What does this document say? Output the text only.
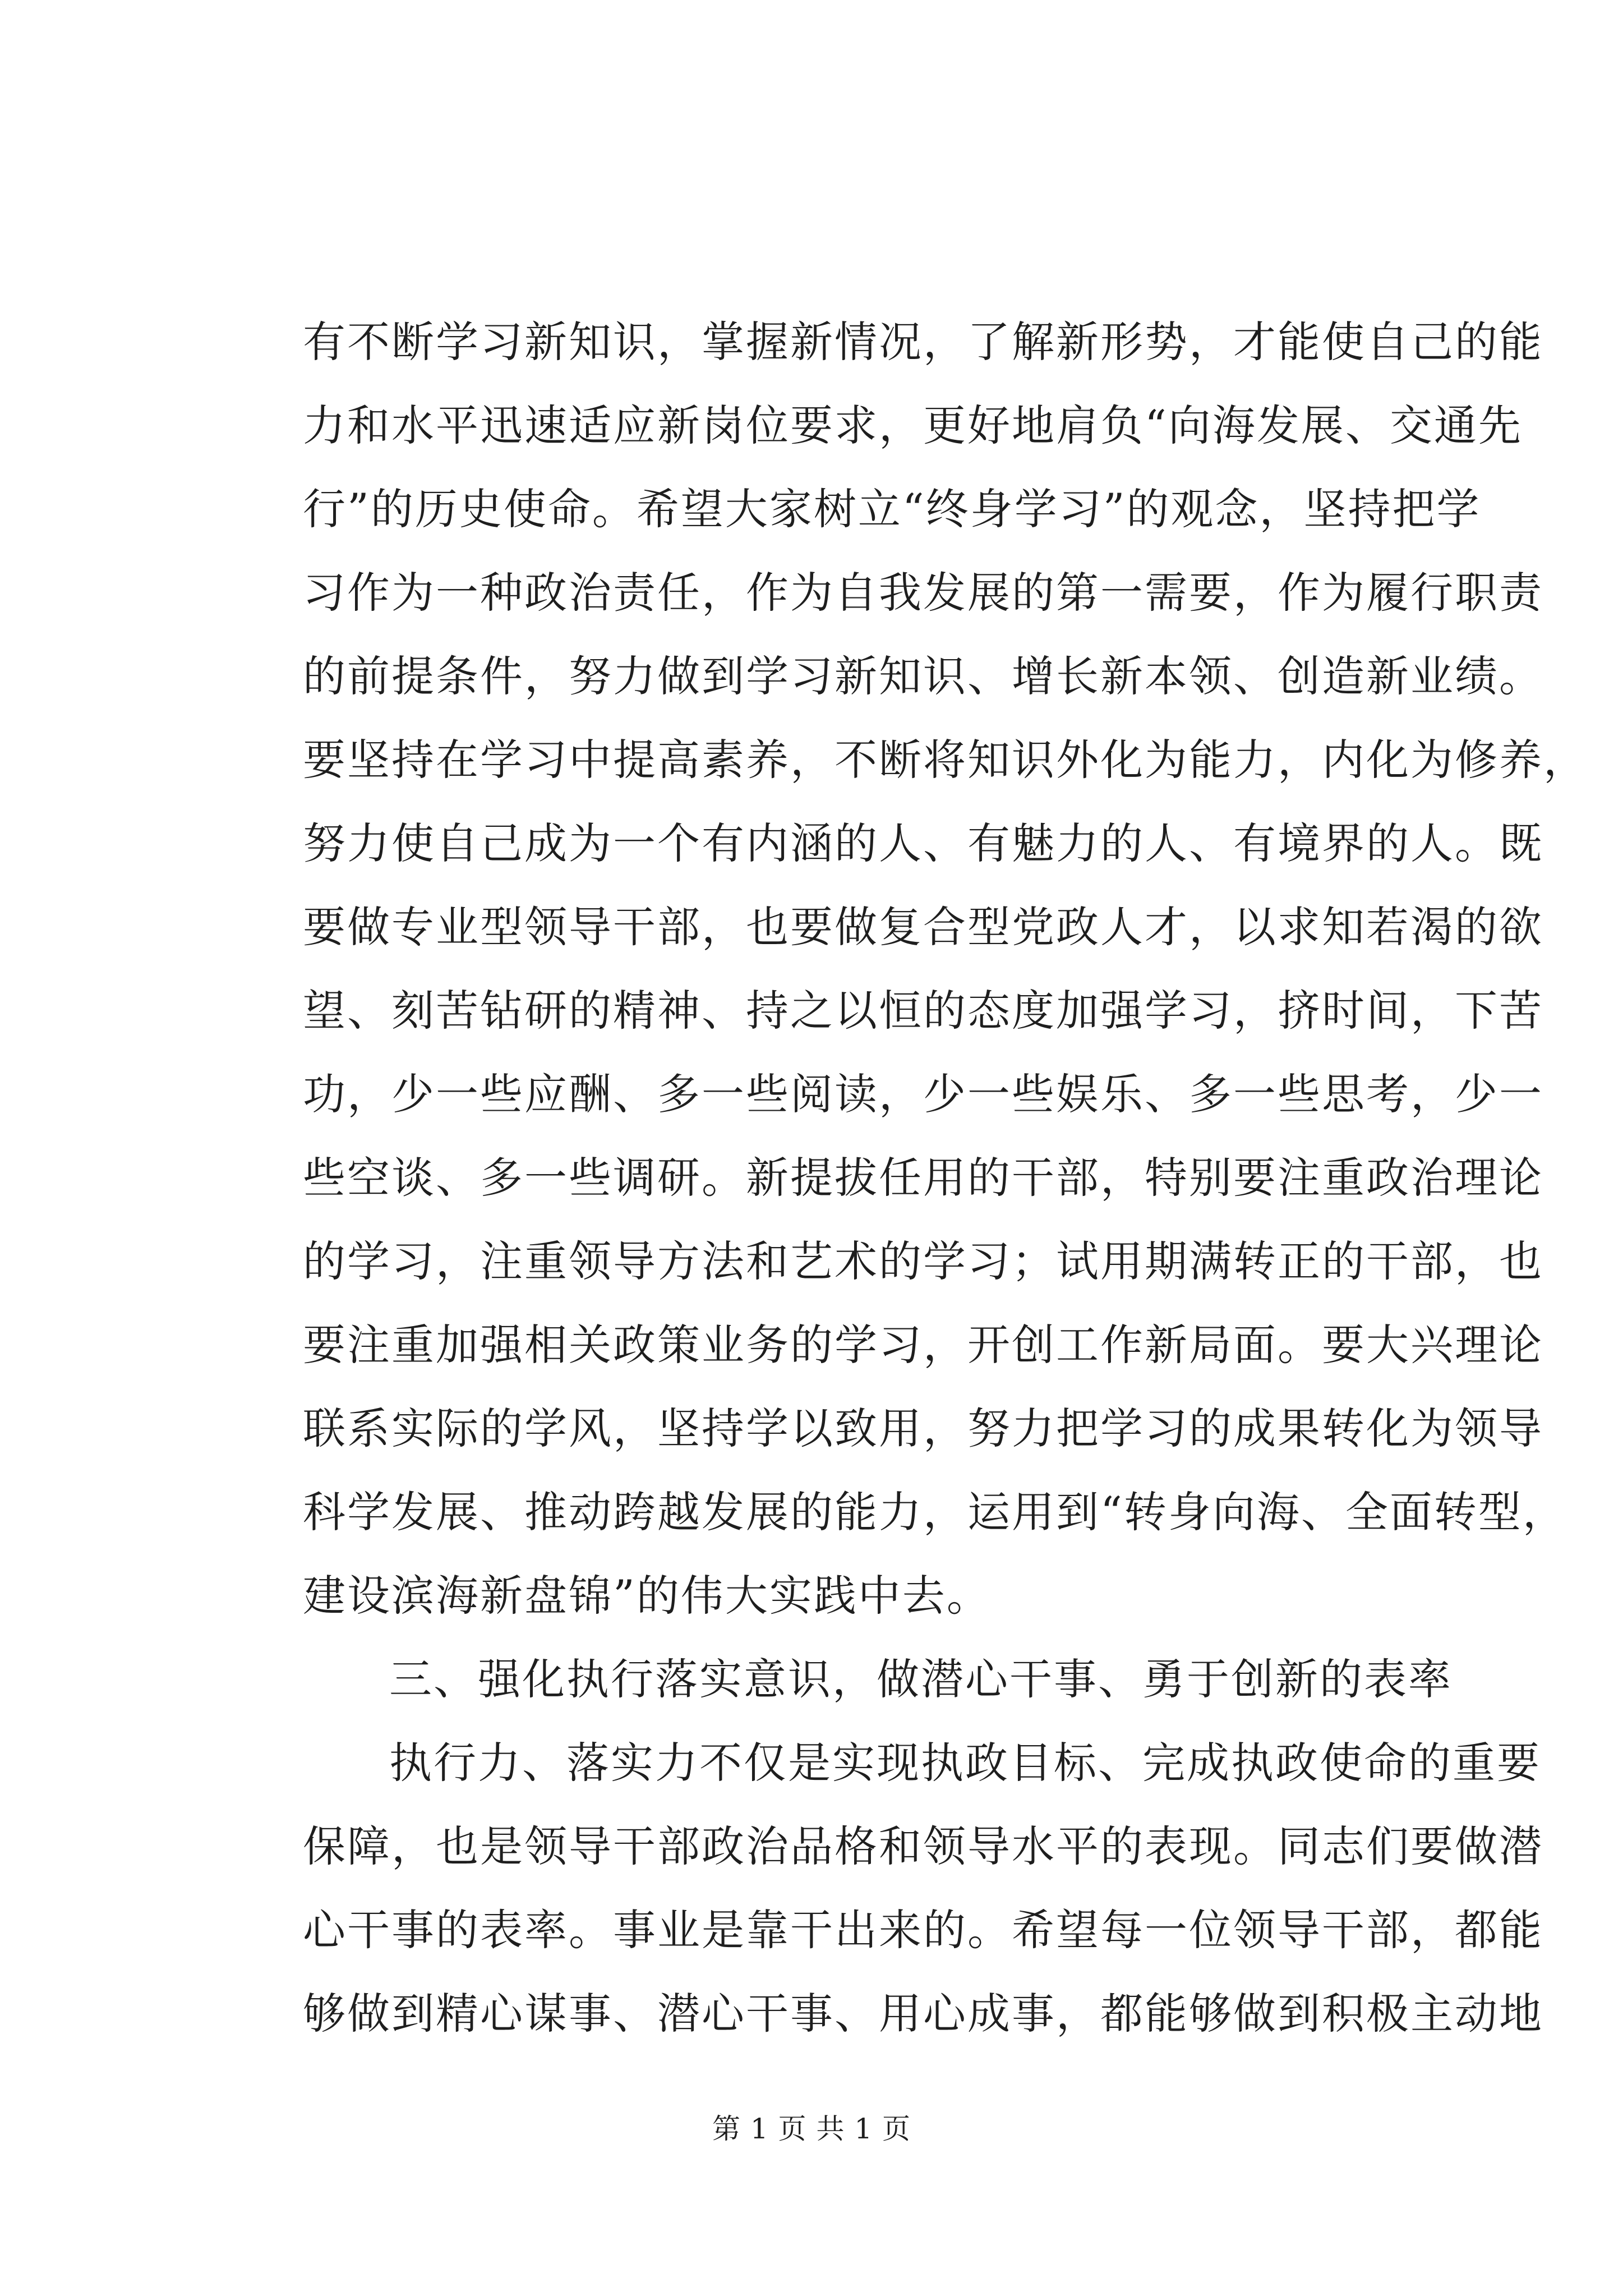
有不断学习新知识，掌握新情况，了解新形势，才能使自己的能
力和水平迅速适应新岗位要求，更好地肩负“向海发展、交通先
行”的历史使命。希望大家树立“终身学习”的观念，坚持把学
习作为一种政治责任，作为自我发展的第一需要，作为履行职责
的前提条件，努力做到学习新知识、增长新本领、创造新业绩。
要坚持在学习中提高素养，不断将知识外化为能力，内化为修养，
努力使自己成为一个有内涵的人、有魅力的人、有境界的人。既
要做专业型领导干部，也要做复合型党政人才，以求知若渴的欲
望、刻苦钻研的精神、持之以恒的态度加强学习，挤时间，下苦
功，少一些应酬、多一些阅读，少一些娱乐、多一些思考，少一
些空谈、多一些调研。新提拔任用的干部，特别要注重政治理论
的学习，注重领导方法和艺术的学习；试用期满转正的干部，也
要注重加强相关政策业务的学习，开创工作新局面。要大兴理论
联系实际的学风，坚持学以致用，努力把学习的成果转化为领导
科学发展、推动跨越发展的能力，运用到“转身向海、全面转型，
建设滨海新盘锦”的伟大实践中去。
三、强化执行落实意识，做潜心干事、勇于创新的表率
执行力、落实力不仅是实现执政目标、完成执政使命的重要
保障，也是领导干部政治品格和领导水平的表现。同志们要做潜
心干事的表率。事业是靠干出来的。希望每一位领导干部，都能
够做到精心谋事、潜心干事、用心成事，都能够做到积极主动地
第 1 页 共 1 页
